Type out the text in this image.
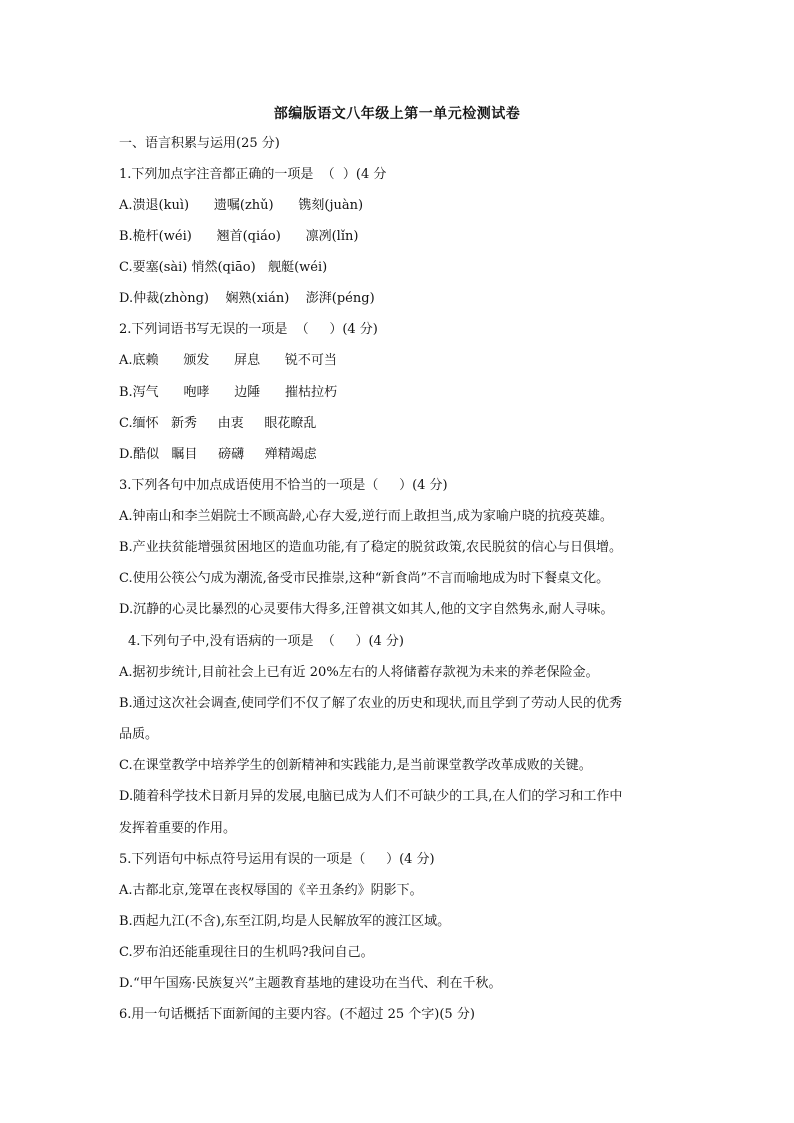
部编版语文八年级上第一单元检测试卷
一、语言积累与运用(25 分)
1.下列加点字注音都正确的一项是  （  ）(4 分
A.溃退(kuì)      遗嘱(zhǔ)      镌刻(juàn)
B.桅杆(wéi)      翘首(qiáo)      凛冽(lǐn)
C.要塞(sài) 悄然(qiāo)   舰艇(wéi)
D.仲裁(zhòng)    娴熟(xián)    澎湃(péng)
2.下列词语书写无误的一项是  （     ）(4 分)
A.底赖      颁发      屏息      锐不可当
B.泻气      咆哮      边陲      摧枯拉朽
C.缅怀   新秀     由衷     眼花瞭乱
D.酷似   瞩目     磅礴     殚精竭虑
3.下列各句中加点成语使用不恰当的一项是（     ）(4 分)
A.钟南山和李兰娟院士不顾高龄,心存大爱,逆行而上敢担当,成为家喻户晓的抗疫英雄。
B.产业扶贫能增强贫困地区的造血功能,有了稳定的脱贫政策,农民脱贫的信心与日俱增。
C.使用公筷公勺成为潮流,备受市民推崇,这种“新食尚”不言而喻地成为时下餐桌文化。
D.沉静的心灵比暴烈的心灵要伟大得多,汪曾祺文如其人,他的文字自然隽永,耐人寻味。
4.下列句子中,没有语病的一项是  （     ）(4 分)
A.据初步统计,目前社会上已有近 20%左右的人将储蓄存款视为未来的养老保险金。
B.通过这次社会调查,使同学们不仅了解了农业的历史和现状,而且学到了劳动人民的优秀
品质。
C.在课堂教学中培养学生的创新精神和实践能力,是当前课堂教学改革成败的关键。
D.随着科学技术日新月异的发展,电脑已成为人们不可缺少的工具,在人们的学习和工作中
发挥着重要的作用。
5.下列语句中标点符号运用有误的一项是（     ）(4 分)
A.古都北京,笼罩在丧权辱国的《辛丑条约》阴影下。
B.西起九江(不含),东至江阴,均是人民解放军的渡江区域。
C.罗布泊还能重现往日的生机吗?我问自己。
D.“甲午国殇·民族复兴”主题教育基地的建设功在当代、利在千秋。
6.用一句话概括下面新闻的主要内容。(不超过 25 个字)(5 分)
